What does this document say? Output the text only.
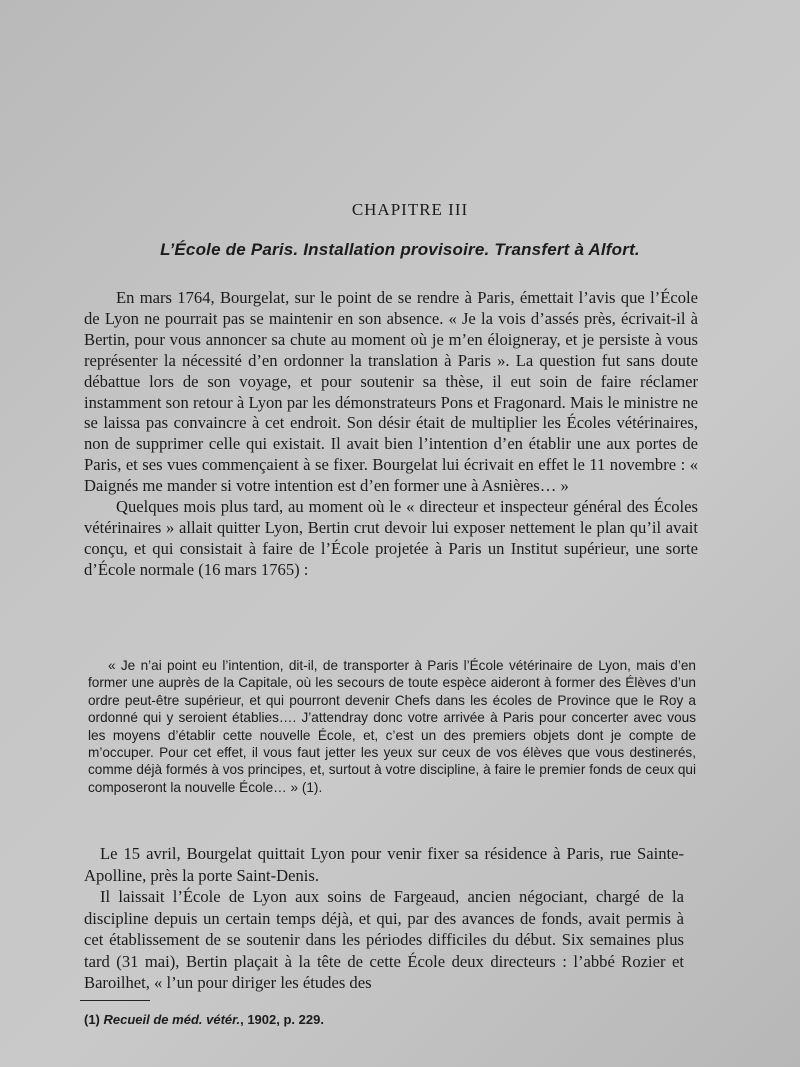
CHAPITRE III
L’École de Paris. Installation provisoire. Transfert à Alfort.

En mars 1764, Bourgelat, sur le point de se rendre à Paris, émettait l’avis que l’École de Lyon ne pourrait pas se maintenir en son absence. « Je la vois d’assés près, écrivait-il à Bertin, pour vous annoncer sa chute au moment où je m’en éloigneray, et je persiste à vous représenter la nécessité d’en ordonner la translation à Paris ». La question fut sans doute débattue lors de son voyage, et pour soutenir sa thèse, il eut soin de faire réclamer instamment son retour à Lyon par les démonstrateurs Pons et Fragonard. Mais le ministre ne se laissa pas convaincre à cet endroit. Son désir était de multiplier les Écoles vétérinaires, non de supprimer celle qui existait. Il avait bien l’intention d’en établir une aux portes de Paris, et ses vues commençaient à se fixer. Bourgelat lui écrivait en effet le 11 novembre : « Daignés me mander si votre intention est d’en former une à Asnières… »

Quelques mois plus tard, au moment où le « directeur et inspecteur général des Écoles vétérinaires » allait quitter Lyon, Bertin crut devoir lui exposer nettement le plan qu’il avait conçu, et qui consistait à faire de l’École projetée à Paris un Institut supérieur, une sorte d’École normale (16 mars 1765) :

« Je n’ai point eu l’intention, dit-il, de transporter à Paris l’École vétérinaire de Lyon, mais d’en former une auprès de la Capitale, où les secours de toute espèce aideront à former des Élèves d’un ordre peut-être supérieur, et qui pourront devenir Chefs dans les écoles de Province que le Roy a ordonné qui y seroient établies…. J’attendray donc votre arrivée à Paris pour concerter avec vous les moyens d’établir cette nouvelle École, et, c’est un des premiers objets dont je compte de m’occuper. Pour cet effet, il vous faut jetter les yeux sur ceux de vos élèves que vous destinerés, comme déjà formés à vos principes, et, surtout à votre discipline, à faire le premier fonds de ceux qui composeront la nouvelle École… » (1).

Le 15 avril, Bourgelat quittait Lyon pour venir fixer sa résidence à Paris, rue Sainte-Apolline, près la porte Saint-Denis.

Il laissait l’École de Lyon aux soins de Fargeaud, ancien négociant, chargé de la discipline depuis un certain temps déjà, et qui, par des avances de fonds, avait permis à cet établissement de se soutenir dans les périodes difficiles du début. Six semaines plus tard (31 mai), Bertin plaçait à la tête de cette École deux directeurs : l’abbé Rozier et Baroilhet, « l’un pour diriger les études des

(1) Recueil de méd. vétér., 1902, p. 229.
